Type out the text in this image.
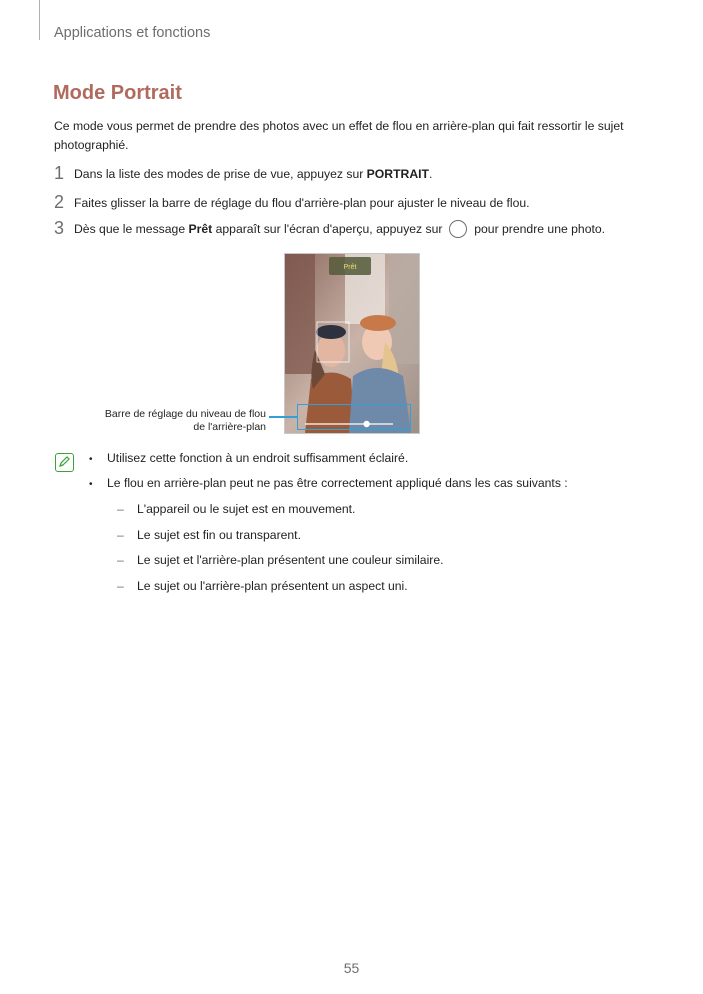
Applications et fonctions
Mode Portrait
Ce mode vous permet de prendre des photos avec un effet de flou en arrière-plan qui fait ressortir le sujet photographié.
1 Dans la liste des modes de prise de vue, appuyez sur PORTRAIT .
2 Faites glisser la barre de réglage du flou d'arrière-plan pour ajuster le niveau de flou.
3 Dès que le message Prêt apparaît sur l'écran d'aperçu, appuyez sur pour prendre une photo.
Prêt
Barre de réglage du niveau de flou
de l'arrière-plan
•	Utilisez cette fonction à un endroit suffisamment éclairé.
•	Le flou en arrière-plan peut ne pas être correctement appliqué dans les cas suivants :
–	L'appareil ou le sujet est en mouvement.
–	Le sujet est fin ou transparent.
–	Le sujet et l'arrière-plan présentent une couleur similaire.
–	Le sujet ou l'arrière-plan présentent un aspect uni.
55
